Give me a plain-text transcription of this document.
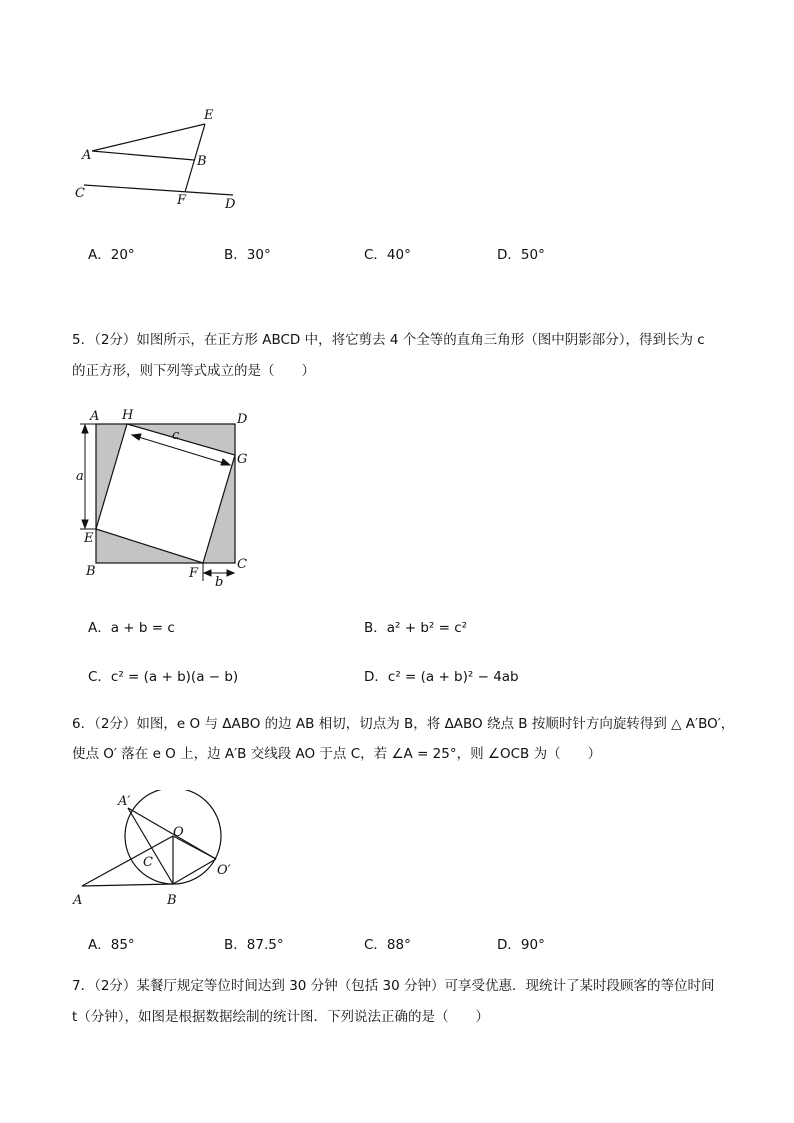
E
A	B
C	F	D
A．20°	B．30°	C．40°	D．50°
5．（2分）如图所示，在正方形 ABCD 中，将它剪去 4 个全等的直角三角形（图中阴影部分），得到长为 c
的正方形，则下列等式成立的是（　　）
A H	D
G
c
a
E
B	F
C
b
A．a + b = c	B．a² + b² = c²
C．c² = (a + b)(a − b)	D．c² = (a + b)² − 4ab
6．（2分）如图，e O 与 ΔABO 的边 AB 相切，切点为 B，将 ΔABO 绕点 B 按顺时针方向旋转得到 △ A′BO′，
使点 O′ 落在 e O 上，边 A′B 交线段 AO 于点 C，若 ∠A = 25°，则 ∠OCB 为（　　）
A′
O
C
O′
A	B
A．85°	B．87.5°	C．88°	D．90°
7．（2分）某餐厅规定等位时间达到 30 分钟（包括 30 分钟）可享受优惠．现统计了某时段顾客的等位时间
t（分钟），如图是根据数据绘制的统计图．下列说法正确的是（　　）
